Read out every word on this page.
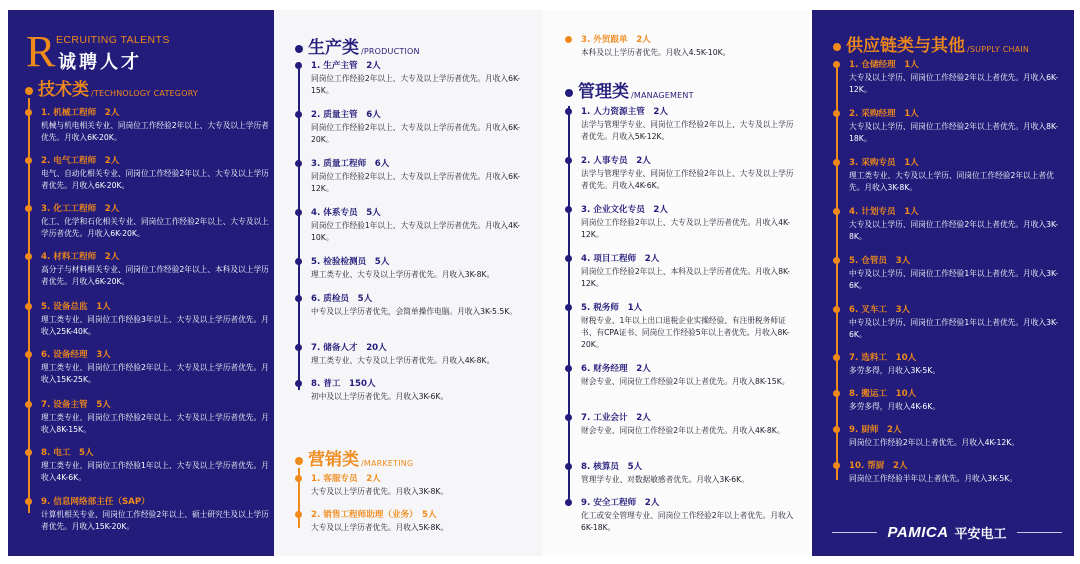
R ECRUITING TALENTS
诚聘人才
技术类 /TECHNOLOGY CATEGORY
1. 机械工程师　2人
机械与机电相关专业、同岗位工作经验2年以上、大专及以上学历者优先。月收入6K-20K。
2. 电气工程师　2人
电气、自动化相关专业、同岗位工作经验2年以上、大专及以上学历者优先。月收入6K-20K。
3. 化工工程师　2人
化工、化学和石化相关专业、同岗位工作经验2年以上、大专及以上学历者优先。月收入6K-20K。
4. 材料工程师　2人
高分子与材料相关专业、同岗位工作经验2年以上、本科及以上学历者优先。月收入6K-20K。
5. 设备总监　1人
理工类专业、同岗位工作经验3年以上、大专及以上学历者优先。月收入25K-40K。
6. 设备经理　3人
理工类专业、同岗位工作经验2年以上、大专及以上学历者优先。月收入15K-25K。
7. 设备主管　5人
理工类专业、同岗位工作经验2年以上、大专及以上学历者优先。月收入8K-15K。
8. 电工　5人
理工类专业、同岗位工作经验1年以上、大专及以上学历者优先。月收入4K-6K。
9. 信息网络部主任（SAP）
计算机相关专业、同岗位工作经验2年以上、硕士研究生及以上学历者优先。月收入15K-20K。
生产类 /PRODUCTION
1. 生产主管　2人
同岗位工作经验2年以上、大专及以上学历者优先。月收入6K-15K。
2. 质量主管　6人
同岗位工作经验2年以上、大专及以上学历者优先。月收入6K-20K。
3. 质量工程师　6人
同岗位工作经验2年以上、大专及以上学历者优先。月收入6K-12K。
4. 体系专员　5人
同岗位工作经验1年以上、大专及以上学历者优先。月收入4K-10K。
5. 检验检测员　5人
理工类专业、大专及以上学历者优先。月收入3K-8K。
6. 质检员　5人
中专及以上学历者优先，会简单操作电脑。月收入3K-5.5K。
7. 储备人才　20人
理工类专业、大专及以上学历者优先。月收入4K-8K。
8. 普工　150人
初中及以上学历者优先。月收入3K-6K。
营销类 /MARKETING
1. 客服专员　2人
大专及以上学历者优先。月收入3K-8K。
2. 销售工程师助理（业务）　5人
大专及以上学历者优先。月收入5K-8K。
3. 外贸跟单　2人
本科及以上学历者优先。月收入4.5K-10K。
管理类 /MANAGEMENT
1. 人力资源主管　2人
法学与管理学专业、同岗位工作经验2年以上、大专及以上学历者优先。月收入5K-12K。
2. 人事专员　2人
法学与管理学专业、同岗位工作经验2年以上、大专及以上学历者优先。月收入4K-6K。
3. 企业文化专员　2人
同岗位工作经验2年以上、大专及以上学历者优先。月收入4K-12K。
4. 项目工程师　2人
同岗位工作经验2年以上、本科及以上学历者优先。月收入8K-12K。
5. 税务师　1人
财税专业、1年以上出口退税企业实操经验、有注册税务师证书、有CPA证书、同岗位工作经验5年以上者优先。月收入8K-20K。
6. 财务经理　2人
财会专业、同岗位工作经验2年以上者优先。月收入8K-15K。
7. 工业会计　2人
财会专业、同岗位工作经验2年以上者优先。月收入4K-8K。
8. 核算员　5人
管理学专业、对数据敏感者优先。月收入3K-6K。
9. 安全工程师　2人
化工或安全管理专业、同岗位工作经验2年以上者优先。月收入6K-18K。
供应链类与其他 /SUPPLY CHAIN
1. 仓储经理　1人
大专及以上学历、同岗位工作经验2年以上者优先。月收入6K-12K。
2. 采购经理　1人
大专及以上学历、同岗位工作经验2年以上者优先。月收入8K-18K。
3. 采购专员　1人
理工类专业、大专及以上学历、同岗位工作经验2年以上者优先。月收入3K-8K。
4. 计划专员　1人
大专及以上学历、同岗位工作经验2年以上者优先。月收入3K-8K。
5. 仓管员　3人
中专及以上学历、同岗位工作经验1年以上者优先。月收入3K-6K。
6. 叉车工　3人
中专及以上学历、同岗位工作经验1年以上者优先。月收入3K-6K。
7. 选料工　10人
多劳多得，月收入3K-5K。
8. 搬运工　10人
多劳多得，月收入4K-6K。
9. 厨师　2人
同岗位工作经验2年以上者优先。月收入4K-12K。
10. 帮厨　2人
同岗位工作经验半年以上者优先。月收入3K-5K。
PAMICA 平安电工
